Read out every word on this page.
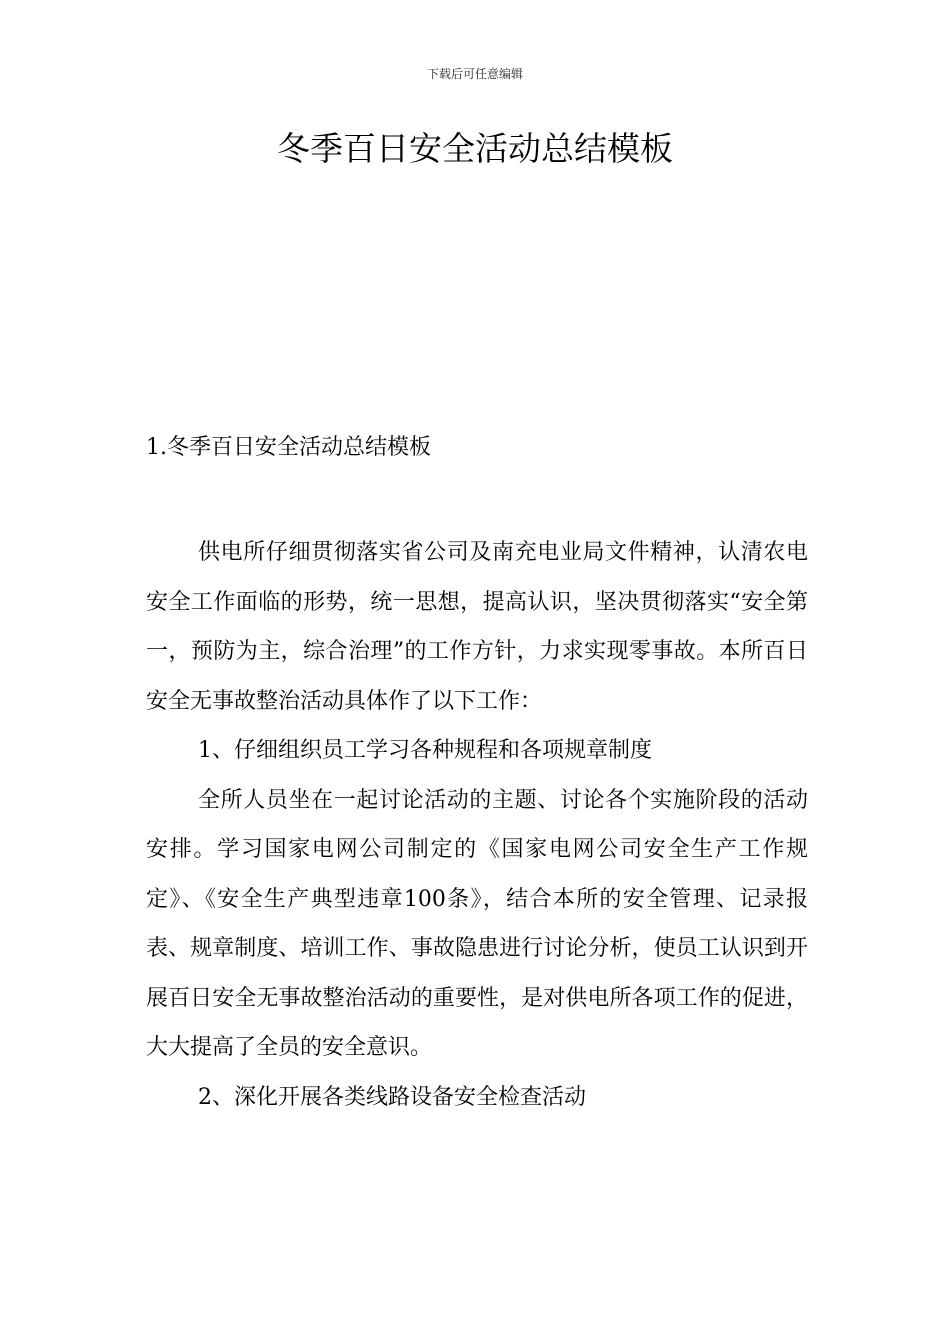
下载后可任意编辑
冬季百日安全活动总结模板
1.冬季百日安全活动总结模板

供电所仔细贯彻落实省公司及南充电业局文件精神，认清农电安全工作面临的形势，统一思想，提高认识，坚决贯彻落实“安全第一，预防为主，综合治理”的工作方针，力求实现零事故。本所百日安全无事故整治活动具体作了以下工作：

1、仔细组织员工学习各种规程和各项规章制度

全所人员坐在一起讨论活动的主题、讨论各个实施阶段的活动安排。学习国家电网公司制定的《国家电网公司安全生产工作规定》、《安全生产典型违章100条》，结合本所的安全管理、记录报表、规章制度、培训工作、事故隐患进行讨论分析，使员工认识到开展百日安全无事故整治活动的重要性，是对供电所各项工作的促进，大大提高了全员的安全意识。

2、深化开展各类线路设备安全检查活动
